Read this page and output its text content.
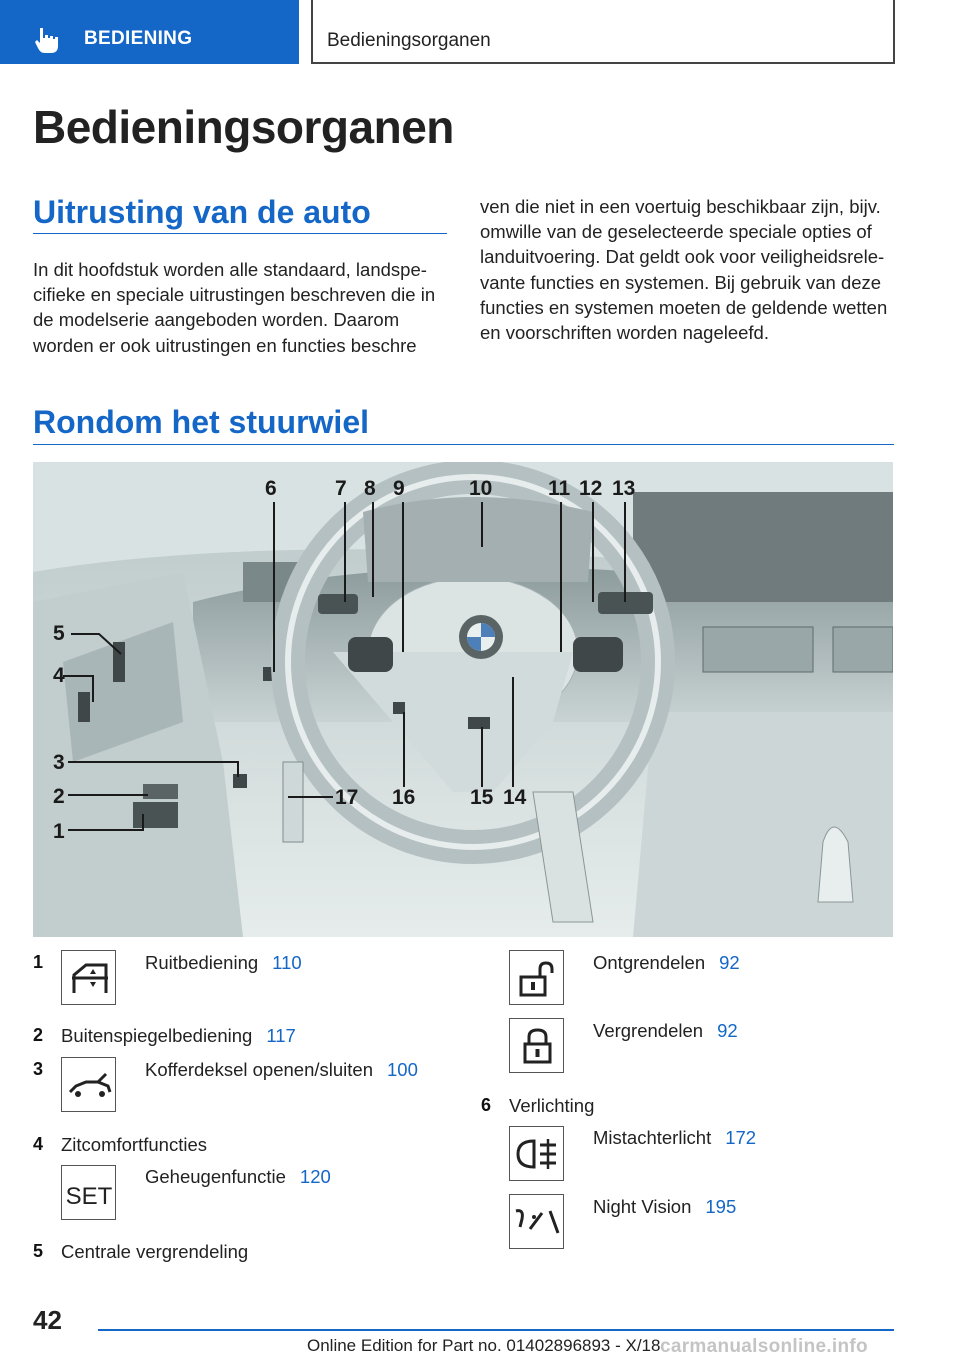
BEDIENING	Bedieningsorganen
Bedieningsorganen
Uitrusting van de auto
In dit hoofdstuk worden alle standaard, landspecifieke en speciale uitrustingen beschreven die in de modelserie aangeboden worden. Daarom worden er ook uitrustingen en functies beschre
ven die niet in een voertuig beschikbaar zijn, bijv. omwille van de geselecteerde speciale opties of landuitvoering. Dat geldt ook voor veiligheidsrelevante functies en systemen. Bij gebruik van deze functies en systemen moeten de geldende wetten en voorschriften worden nageleefd.
Rondom het stuurwiel
6	7 8 9	10	11 12 13
5
4
3
2
1
17 16	15 14
1	Ruitbediening 110
2 Buitenspiegelbediening 117
3	Kofferdeksel openen/sluiten 100
4 Zitcomfortfuncties
SET
Geheugenfunctie 120
5 Centrale vergrendeling
Ontgrendelen 92
Vergrendelen 92
6 Verlichting
Mistachterlicht 172
Night Vision 195
42
Online Edition for Part no. 01402896893 - X/18 carmanualsonline.info
